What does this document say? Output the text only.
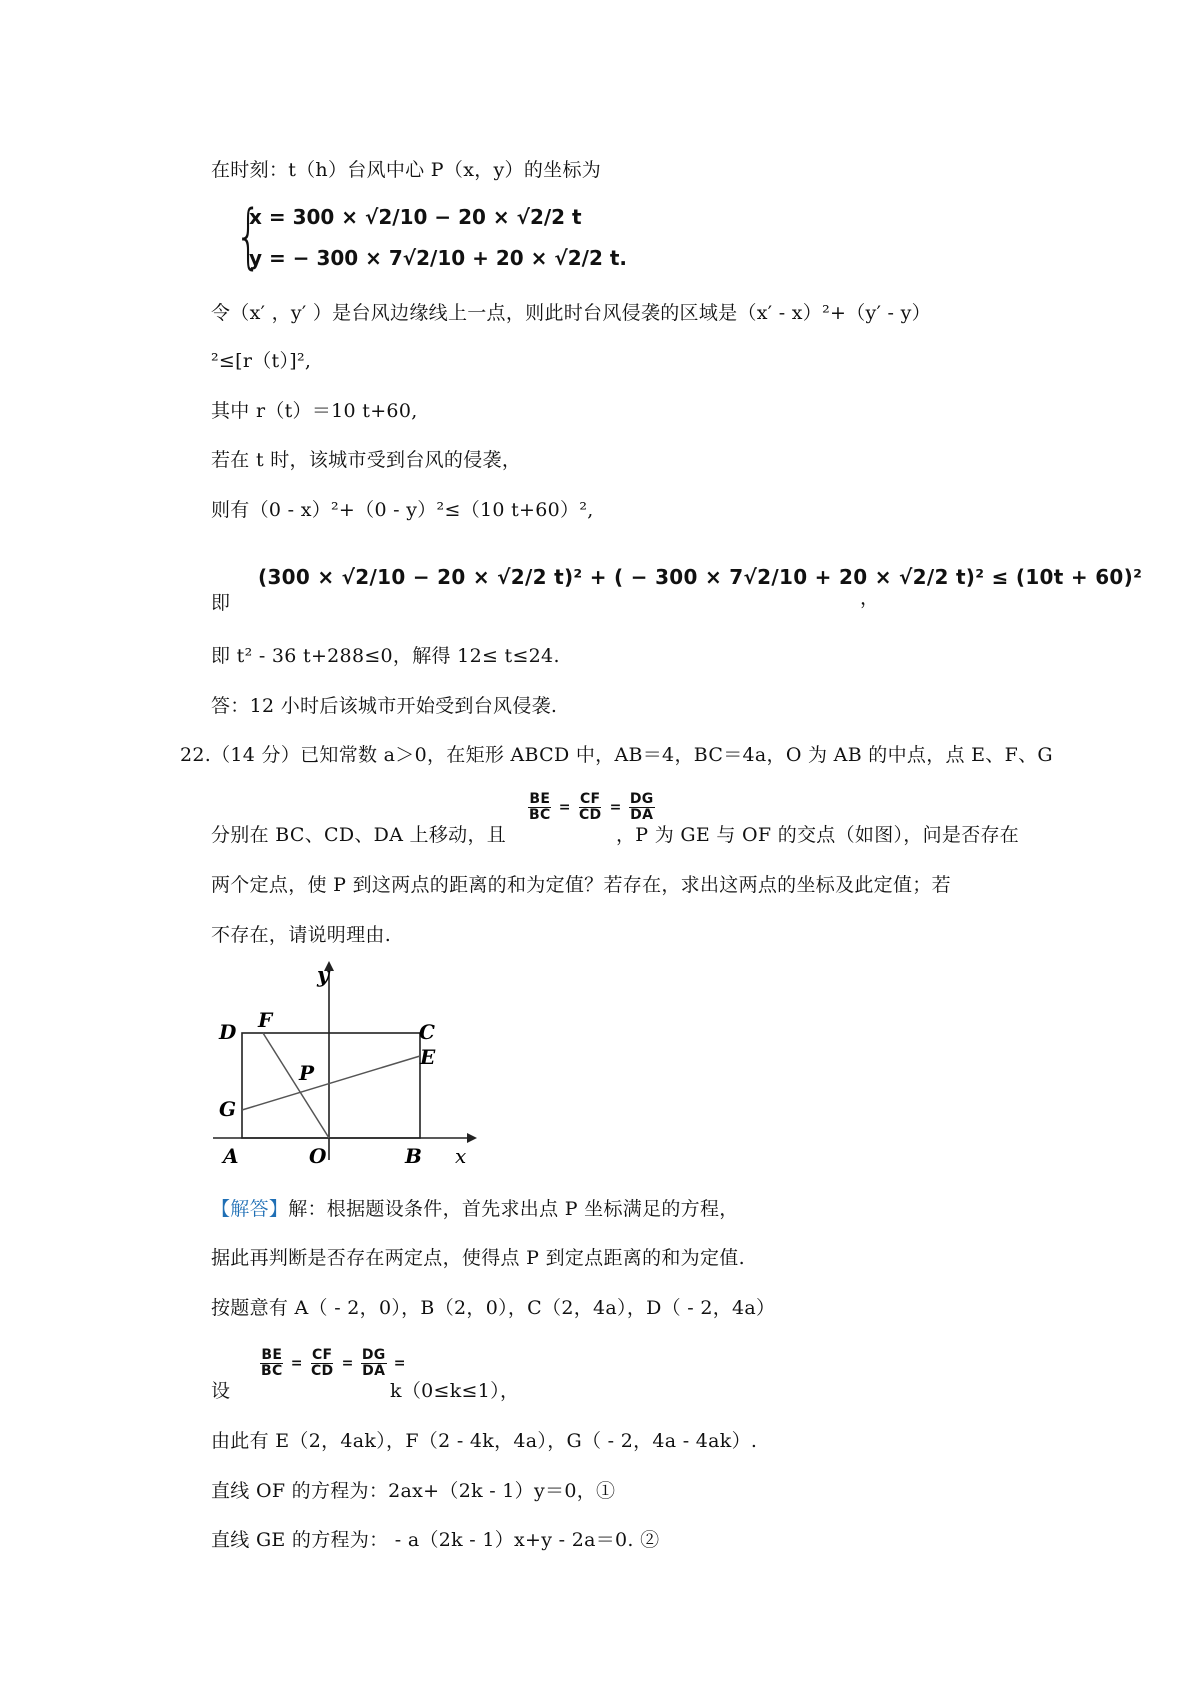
在时刻：t（h）台风中心 P（x，y）的坐标为
{
x = 300 × √2/10 − 20 × √2/2 t
y = − 300 × 7√2/10 + 20 × √2/2 t.
令（x′ ，y′ ）是台风边缘线上一点，则此时台风侵袭的区域是（x′ - x）²+（y′ - y）
²≤[r（t）]²,
其中 r（t）＝10 t+60,
若在 t 时，该城市受到台风的侵袭，
则有（0 - x）²+（0 - y）²≤（10 t+60）²,
即
(300 × √2/10 − 20 × √2/2 t)² + ( − 300 × 7√2/10 + 20 × √2/2 t)² ≤ (10t + 60)²
，
即 t² - 36 t+288≤0，解得 12≤ t≤24.
答：12 小时后该城市开始受到台风侵袭.
22.（14 分）已知常数 a＞0，在矩形 ABCD 中，AB＝4，BC＝4a，O 为 AB 的中点，点 E、F、G
分别在 BC、CD、DA 上移动，且
$\frac{BE}{BC} = \frac{CF}{CD} = \frac{DG}{DA}$
，P 为 GE 与 OF 的交点（如图），问是否存在
两个定点，使 P 到这两点的距离的和为定值？若存在，求出这两点的坐标及此定值；若
不存在，请说明理由.
y
x
D F	C
E
P
G
A	O	B
【解答】解：根据题设条件，首先求出点 P 坐标满足的方程，
据此再判断是否存在两定点，使得点 P 到定点距离的和为定值.
按题意有 A（ - 2，0），B（2，0），C（2，4a），D（ - 2，4a）
设
$\frac{BE}{BC} = \frac{CF}{CD} = \frac{DG}{DA}$ =
k（0≤k≤1），
由此有 E（2，4ak），F（2 - 4k，4a），G（ - 2，4a - 4ak）.
直线 OF 的方程为：2ax+（2k - 1）y＝0，①
直线 GE 的方程为： - a（2k - 1）x+y - 2a＝0. ②
